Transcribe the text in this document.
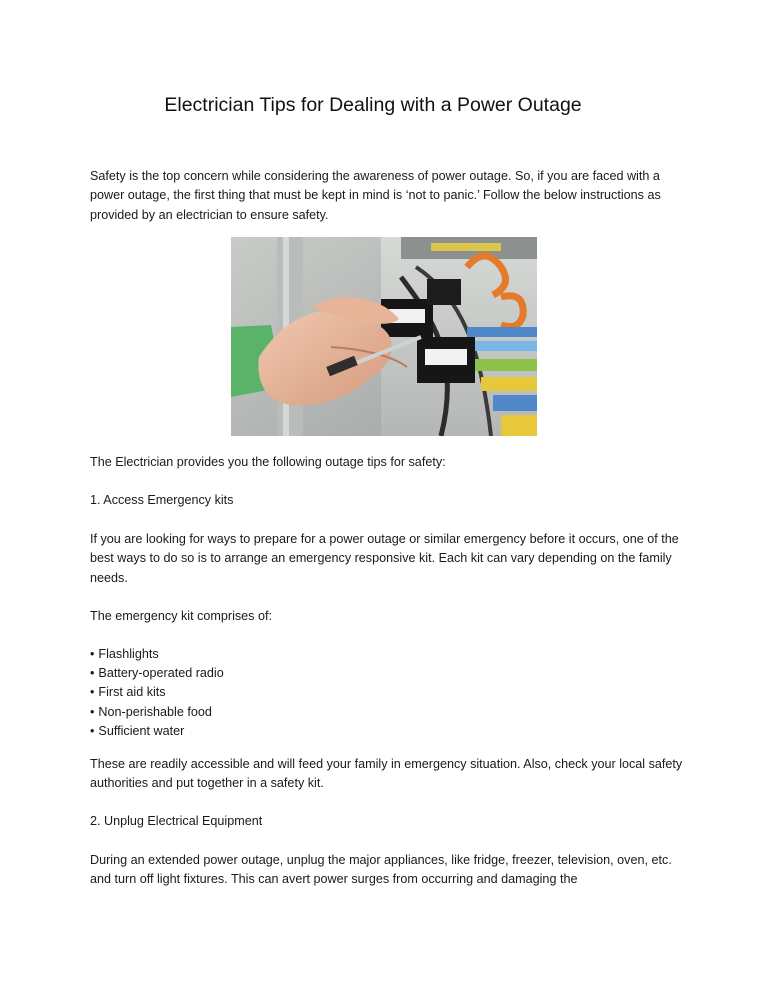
Electrician Tips for Dealing with a Power Outage

Safety is the top concern while considering the awareness of power outage. So, if you are faced with a power outage, the first thing that must be kept in mind is ‘not to panic.’ Follow the below instructions as provided by an electrician to ensure safety.

The Electrician provides you the following outage tips for safety:

1. Access Emergency kits

If you are looking for ways to prepare for a power outage or similar emergency before it occurs, one of the best ways to do so is to arrange an emergency responsive kit. Each kit can vary depending on the family needs.

The emergency kit comprises of:

• Flashlights
• Battery-operated radio
• First aid kits
• Non-perishable food
• Sufficient water

These are readily accessible and will feed your family in emergency situation. Also, check your local safety authorities and put together in a safety kit.

2. Unplug Electrical Equipment

During an extended power outage, unplug the major appliances, like fridge, freezer, television, oven, etc. and turn off light fixtures. This can avert power surges from occurring and damaging the
